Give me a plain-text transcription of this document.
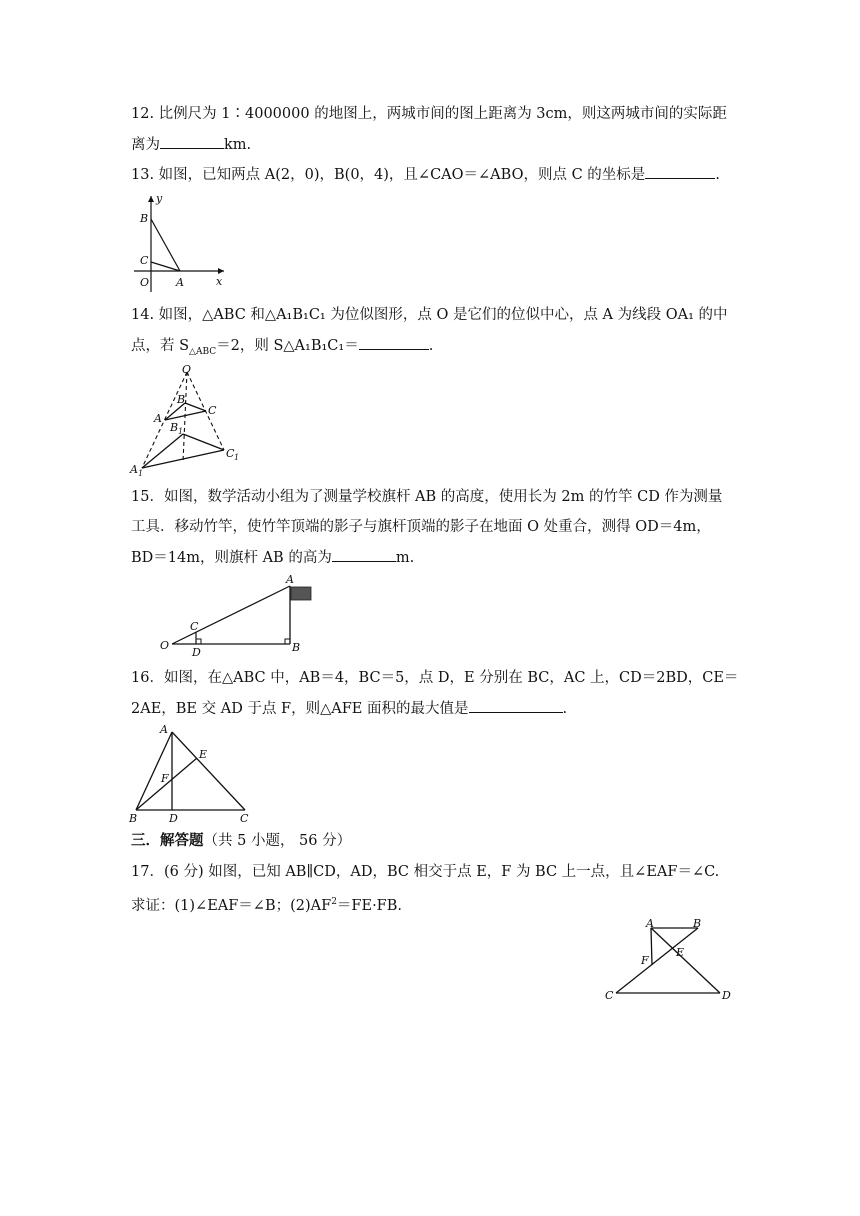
12. 比例尺为 1∶4000000 的地图上，两城市间的图上距离为 3cm，则这两城市间的实际距
离为	km.
13. 如图，已知两点 A(2，0)，B(0，4)，且∠CAO＝∠ABO，则点 C 的坐标是	.
y
x
B
C
O A
14. 如图，△ABC 和△A₁B₁C₁ 为位似图形，点 O 是它们的位似中心，点 A 为线段 OA₁ 的中
点，若 $S_{\triangle ABC}=2$，则 S△A₁B₁C₁＝	.
O
B
A
C
B 1
A 1
C 1
15．如图，数学活动小组为了测量学校旗杆 AB 的高度，使用长为 2m 的竹竿 CD 作为测量
工具．移动竹竿，使竹竿顶端的影子与旗杆顶端的影子在地面 O 处重合，测得 OD＝4m，
BD＝14m，则旗杆 AB 的高为	m.
A
C
O
D	B
16．如图，在△ABC 中，AB＝4，BC＝5，点 D，E 分别在 BC，AC 上，CD＝2BD，CE＝
2AE，BE 交 AD 于点 F，则△AFE 面积的最大值是	.
A
E
F
B	D	C
三．解答题（共 5 小题， 56 分）
17．(6 分) 如图，已知 AB∥CD，AD，BC 相交于点 E，F 为 BC 上一点，且∠EAF＝∠C.
求证：(1)∠EAF＝∠B；$(2)AF^2=FE\cdot FB$.
A	B
F
E
C	D
